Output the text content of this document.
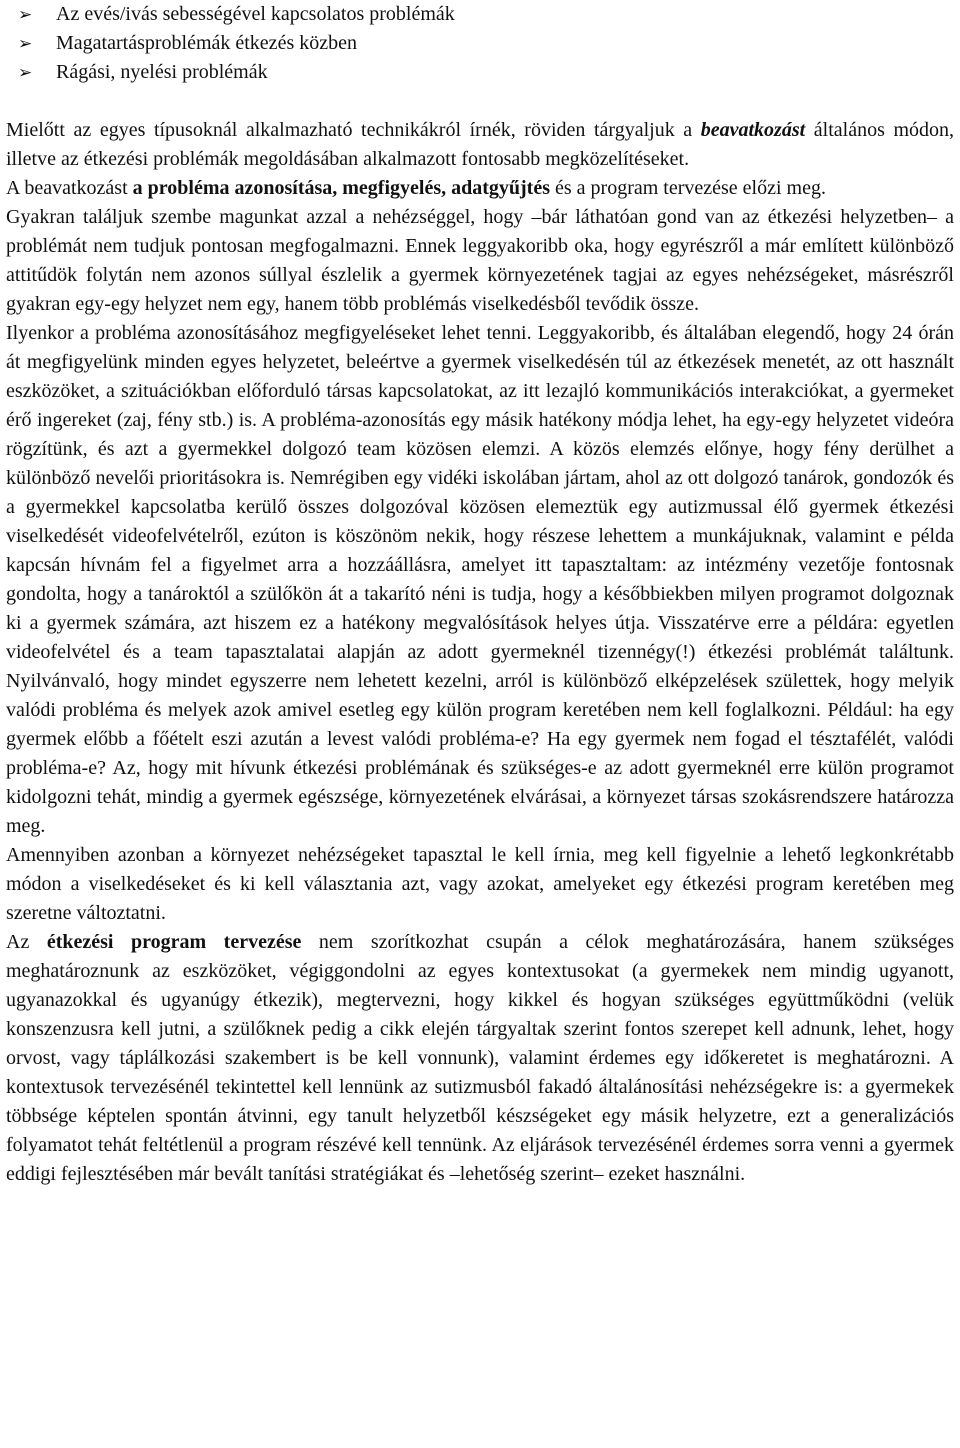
➢	Az evés/ivás sebességével kapcsolatos problémák
➢	Magatartásproblémák étkezés közben
➢	Rágási, nyelési problémák

Mielőtt az egyes típusoknál alkalmazható technikákról írnék, röviden tárgyaljuk a beavatkozást általános módon, illetve az étkezési problémák megoldásában alkalmazott fontosabb megközelítéseket.

A beavatkozást a probléma azonosítása, megfigyelés, adatgyűjtés és a program tervezése előzi meg.

Gyakran találjuk szembe magunkat azzal a nehézséggel, hogy –bár láthatóan gond van az étkezési helyzetben– a problémát nem tudjuk pontosan megfogalmazni. Ennek leggyakoribb oka, hogy egyrészről a már említett különböző attitűdök folytán nem azonos súllyal észlelik a gyermek környezetének tagjai az egyes nehézségeket, másrészről gyakran egy-egy helyzet nem egy, hanem több problémás viselkedésből tevődik össze.

Ilyenkor a probléma azonosításához megfigyeléseket lehet tenni. Leggyakoribb, és általában elegendő, hogy 24 órán át megfigyelünk minden egyes helyzetet, beleértve a gyermek viselkedésén túl az étkezések menetét, az ott használt eszközöket, a szituációkban előforduló társas kapcsolatokat, az itt lezajló kommunikációs interakciókat, a gyermeket érő ingereket (zaj, fény stb.) is. A probléma-azonosítás egy másik hatékony módja lehet, ha egy-egy helyzetet videóra rögzítünk, és azt a gyermekkel dolgozó team közösen elemzi. A közös elemzés előnye, hogy fény derülhet a különböző nevelői prioritásokra is. Nemrégiben egy vidéki iskolában jártam, ahol az ott dolgozó tanárok, gondozók és a gyermekkel kapcsolatba kerülő összes dolgozóval közösen elemeztük egy autizmussal élő gyermek étkezési viselkedését videofelvételről, ezúton is köszönöm nekik, hogy részese lehettem a munkájuknak, valamint e példa kapcsán hívnám fel a figyelmet arra a hozzáállásra, amelyet itt tapasztaltam: az intézmény vezetője fontosnak gondolta, hogy a tanároktól a szülőkön át a takarító néni is tudja, hogy a későbbiekben milyen programot dolgoznak ki a gyermek számára, azt hiszem ez a hatékony megvalósítások helyes útja. Visszatérve erre a példára: egyetlen videofelvétel és a team tapasztalatai alapján az adott gyermeknél tizennégy(!) étkezési problémát találtunk. Nyilvánvaló, hogy mindet egyszerre nem lehetett kezelni, arról is különböző elképzelések születtek, hogy melyik valódi probléma és melyek azok amivel esetleg egy külön program keretében nem kell foglalkozni. Például: ha egy gyermek előbb a főételt eszi azután a levest valódi probléma-e? Ha egy gyermek nem fogad el tésztafélét, valódi probléma-e? Az, hogy mit hívunk étkezési problémának és szükséges-e az adott gyermeknél erre külön programot kidolgozni tehát, mindig a gyermek egészsége, környezetének elvárásai, a környezet társas szokásrendszere határozza meg.

Amennyiben azonban a környezet nehézségeket tapasztal le kell írnia, meg kell figyelnie a lehető legkonkrétabb módon a viselkedéseket és ki kell választania azt, vagy azokat, amelyeket egy étkezési program keretében meg szeretne változtatni.

Az étkezési program tervezése nem szorítkozhat csupán a célok meghatározására, hanem szükséges meghatároznunk az eszközöket, végiggondolni az egyes kontextusokat (a gyermekek nem mindig ugyanott, ugyanazokkal és ugyanúgy étkezik), megtervezni, hogy kikkel és hogyan szükséges együttműködni (velük konszenzusra kell jutni, a szülőknek pedig a cikk elején tárgyaltak szerint fontos szerepet kell adnunk, lehet, hogy orvost, vagy táplálkozási szakembert is be kell vonnunk), valamint érdemes egy időkeretet is meghatározni. A kontextusok tervezésénél tekintettel kell lennünk az sutizmusból fakadó általánosítási nehézségekre is: a gyermekek többsége képtelen spontán átvinni, egy tanult helyzetből készségeket egy másik helyzetre, ezt a generalizációs folyamatot tehát feltétlenül a program részévé kell tennünk. Az eljárások tervezésénél érdemes sorra venni a gyermek eddigi fejlesztésében már bevált tanítási stratégiákat és –lehetőség szerint– ezeket használni.
